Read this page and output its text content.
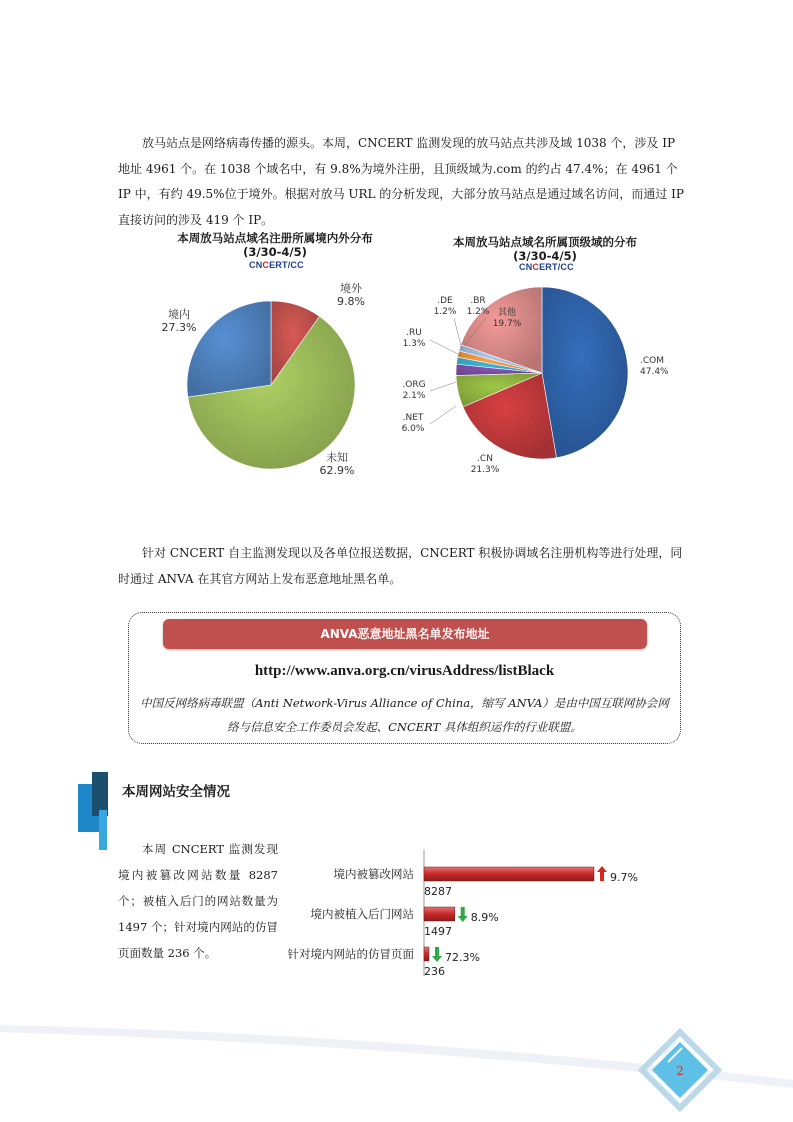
放马站点是网络病毒传播的源头。本周，CNCERT 监测发现的放马站点共涉及域 1038 个，涉及 IP 地址 4961 个。在 1038 个域名中，有 9.8%为境外注册，且顶级域为.com 的约占 47.4%；在 4961 个 IP 中，有约 49.5%位于境外。根据对放马 URL 的分析发现，大部分放马站点是通过域名访问，而通过 IP 直接访问的涉及 419 个 IP。

本周放马站点域名注册所属境内外分布
(3/30-4/5)
CNCERT/CC
境外
9.8%
未知
62.9%
境内
27.3%
本周放马站点域名所属顶级域的分布
(3/30-4/5)
CNCERT/CC
.COM
47.4%
.CN
21.3%
.NET
6.0%
.ORG
2.1%
.RU
1.3%
.DE
1.2%
.BR
1.2% 其他
19.7%

针对 CNCERT 自主监测发现以及各单位报送数据，CNCERT 积极协调域名注册机构等进行处理，同时通过 ANVA 在其官方网站上发布恶意地址黑名单。

ANVA恶意地址黑名单发布地址
http://www.anva.org.cn/virusAddress/listBlack
中国反网络病毒联盟（Anti Network-Virus Alliance of China，缩写 ANVA）是由中国互联网协会网络与信息安全工作委员会发起、CNCERT 具体组织运作的行业联盟。
本周网站安全情况

本周 CNCERT 监测发现境内被篡改网站数量 8287 个；被植入后门的网站数量为 1497 个；针对境内网站的仿冒页面数量 236 个。

境内被篡改网站
8287
9.7%
境内被植入后门网站
1497
8.9%
针对境内网站的仿冒页面
236
72.3%
2
